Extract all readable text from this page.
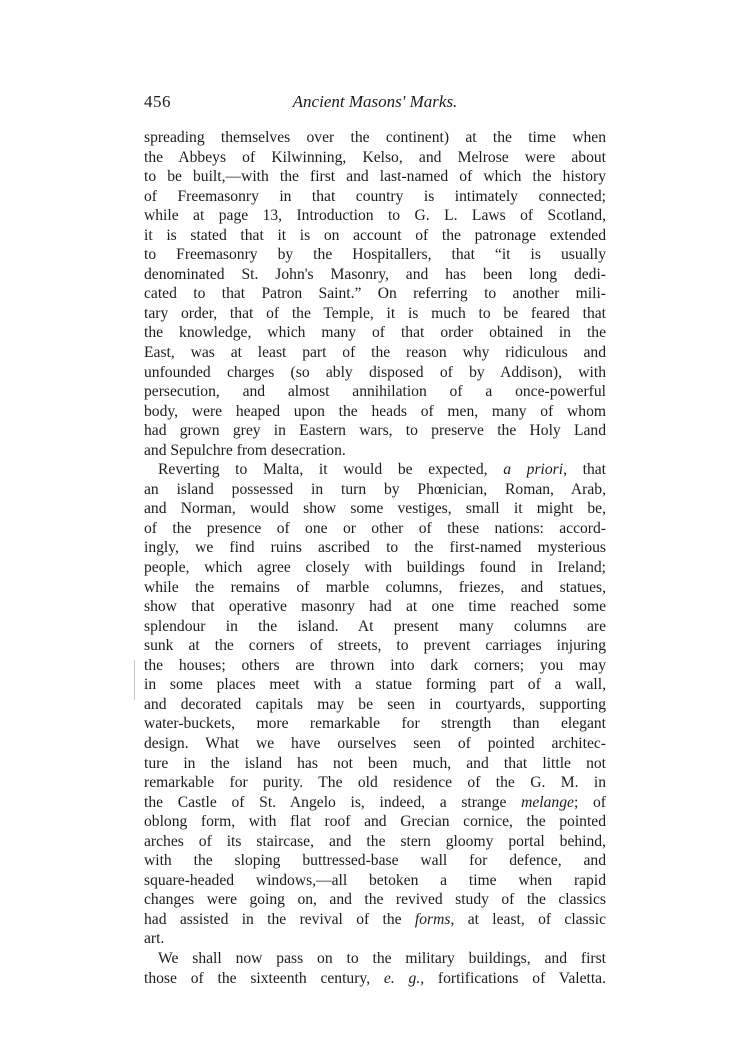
456	Ancient Masons' Marks.
spreading themselves over the continent) at the time when
the Abbeys of Kilwinning, Kelso, and Melrose were about
to be built,—with the first and last-named of which the history
of Freemasonry in that country is intimately connected;
while at page 13, Introduction to G. L. Laws of Scotland,
it is stated that it is on account of the patronage extended
to Freemasonry by the Hospitallers, that “it is usually
denominated St. John's Masonry, and has been long dedi-
cated to that Patron Saint.” On referring to another mili-
tary order, that of the Temple, it is much to be feared that
the knowledge, which many of that order obtained in the
East, was at least part of the reason why ridiculous and
unfounded charges (so ably disposed of by Addison), with
persecution, and almost annihilation of a once-powerful
body, were heaped upon the heads of men, many of whom
had grown grey in Eastern wars, to preserve the Holy Land
and Sepulchre from desecration.
Reverting to Malta, it would be expected, a priori, that
an island possessed in turn by Phœnician, Roman, Arab,
and Norman, would show some vestiges, small it might be,
of the presence of one or other of these nations: accord-
ingly, we find ruins ascribed to the first-named mysterious
people, which agree closely with buildings found in Ireland;
while the remains of marble columns, friezes, and statues,
show that operative masonry had at one time reached some
splendour in the island. At present many columns are
sunk at the corners of streets, to prevent carriages injuring
the houses; others are thrown into dark corners; you may
in some places meet with a statue forming part of a wall,
and decorated capitals may be seen in courtyards, supporting
water-buckets, more remarkable for strength than elegant
design. What we have ourselves seen of pointed architec-
ture in the island has not been much, and that little not
remarkable for purity. The old residence of the G. M. in
the Castle of St. Angelo is, indeed, a strange melange; of
oblong form, with flat roof and Grecian cornice, the pointed
arches of its staircase, and the stern gloomy portal behind,
with the sloping buttressed-base wall for defence, and
square-headed windows,—all betoken a time when rapid
changes were going on, and the revived study of the classics
had assisted in the revival of the forms, at least, of classic
art.
We shall now pass on to the military buildings, and first
those of the sixteenth century, e. g., fortifications of Valetta.
